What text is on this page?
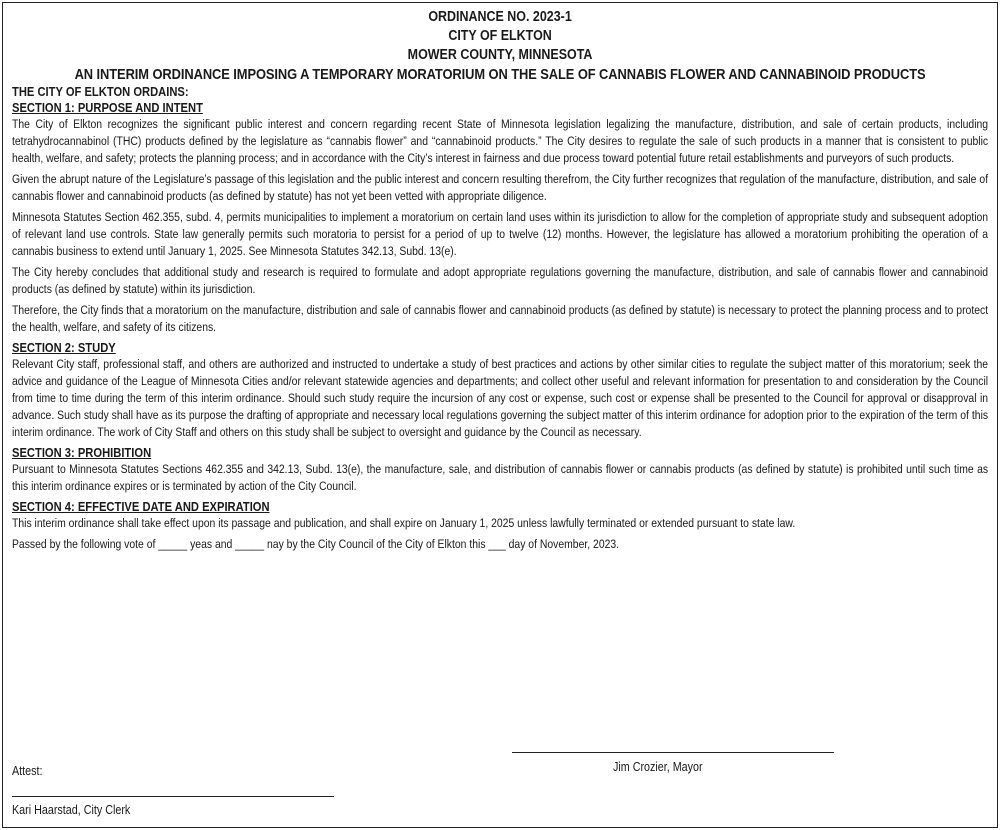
ORDINANCE NO. 2023-1
CITY OF ELKTON
MOWER COUNTY, MINNESOTA
AN INTERIM ORDINANCE IMPOSING A TEMPORARY MORATORIUM ON THE SALE OF CANNABIS FLOWER AND CANNABINOID PRODUCTS
THE CITY OF ELKTON ORDAINS:
SECTION 1: PURPOSE AND INTENT

The City of Elkton recognizes the significant public interest and concern regarding recent State of Minnesota legislation legalizing the manufacture, distribution, and sale of certain products, including tetrahydrocannabinol (THC) products defined by the legislature as “cannabis flower” and “cannabinoid products.” The City desires to regulate the sale of such products in a manner that is consistent to public health, welfare, and safety; protects the planning process; and in accordance with the City’s interest in fairness and due process toward potential future retail establishments and purveyors of such products.

Given the abrupt nature of the Legislature’s passage of this legislation and the public interest and concern resulting therefrom, the City further recognizes that regulation of the manufacture, distribution, and sale of cannabis flower and cannabinoid products (as defined by statute) has not yet been vetted with appropriate diligence.

Minnesota Statutes Section 462.355, subd. 4, permits municipalities to implement a moratorium on certain land uses within its jurisdiction to allow for the completion of appropriate study and subsequent adoption of relevant land use controls. State law generally permits such moratoria to persist for a period of up to twelve (12) months. However, the legislature has allowed a moratorium prohibiting the operation of a cannabis business to extend until January 1, 2025. See Minnesota Statutes 342.13, Subd. 13(e).

The City hereby concludes that additional study and research is required to formulate and adopt appropriate regulations governing the manufacture, distribution, and sale of cannabis flower and cannabinoid products (as defined by statute) within its jurisdiction.

Therefore, the City finds that a moratorium on the manufacture, distribution and sale of cannabis flower and cannabinoid products (as defined by statute) is necessary to protect the planning process and to protect the health, welfare, and safety of its citizens.

SECTION 2: STUDY

Relevant City staff, professional staff, and others are authorized and instructed to undertake a study of best practices and actions by other similar cities to regulate the subject matter of this moratorium; seek the advice and guidance of the League of Minnesota Cities and/or relevant statewide agencies and departments; and collect other useful and relevant information for presentation to and consideration by the Council from time to time during the term of this interim ordinance. Should such study require the incursion of any cost or expense, such cost or expense shall be presented to the Council for approval or disapproval in advance. Such study shall have as its purpose the drafting of appropriate and necessary local regulations governing the subject matter of this interim ordinance for adoption prior to the expiration of the term of this interim ordinance. The work of City Staff and others on this study shall be subject to oversight and guidance by the Council as necessary.

SECTION 3: PROHIBITION

Pursuant to Minnesota Statutes Sections 462.355 and 342.13, Subd. 13(e), the manufacture, sale, and distribution of cannabis flower or cannabis products (as defined by statute) is prohibited until such time as this interim ordinance expires or is terminated by action of the City Council.

SECTION 4: EFFECTIVE DATE AND EXPIRATION

This interim ordinance shall take effect upon its passage and publication, and shall expire on January 1, 2025 unless lawfully terminated or extended pursuant to state law.

Passed by the following vote of _____ yeas and _____ nay by the City Council of the City of Elkton this ___ day of November, 2023.

Jim Crozier, Mayor
Attest:
Kari Haarstad, City Clerk
